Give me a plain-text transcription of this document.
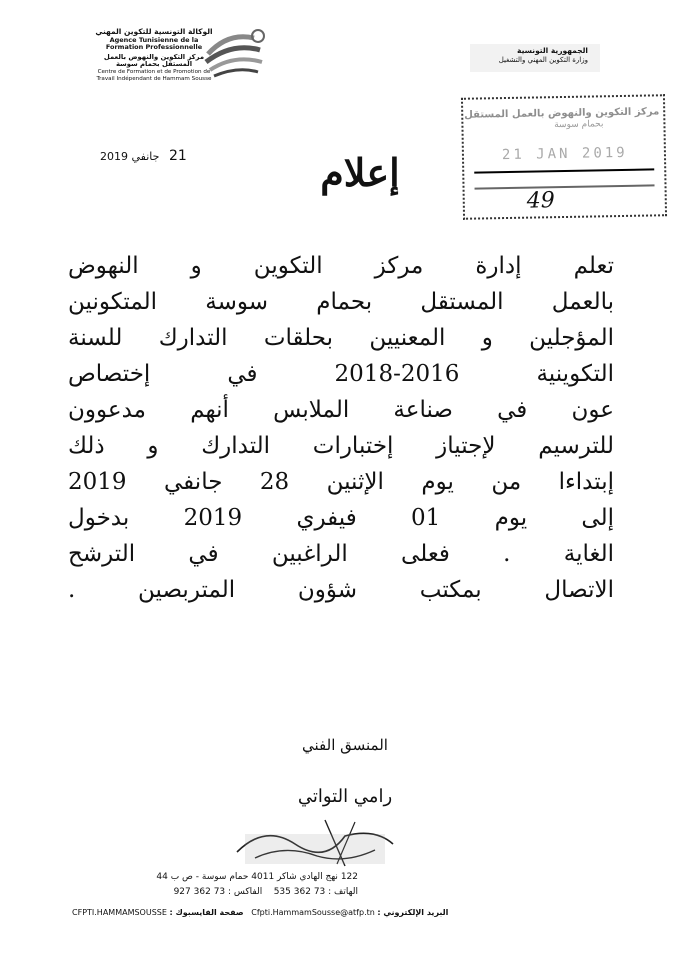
الوكالة التونسية للتكوين المهني
Agence Tunisienne de la Formation Professionnelle
مركز التكوين والنهوض بالعمل المستقل بحمام سوسة
Centre de Formation et de Promotion de Travail Indépendant de Hammam Sousse
الجمهورية التونسية
وزارة التكوين المهني والتشغيل
مركز التكوين والنهوض بالعمل المستقل
بحمام سوسة
21 JAN 2019
49
21 جانفي 2019	إعلام
تعلم إدارة مركز التكوين و النهوض
بالعمل المستقل بحمام سوسة المتكونين
المؤجلين و المعنيين بحلقات التدارك للسنة
التكوينية 2016-2018 في إختصاص
عون في صناعة الملابس أنهم مدعوون
للترسيم لإجتياز إختبارات التدارك و ذلك
إبتداءا من يوم الإثنين 28 جانفي 2019
إلى يوم 01 فيفري 2019 بدخول
الغاية . فعلى الراغبين في الترشح
الاتصال بمكتب شؤون المتربصين .
المنسق الفني
رامي التواتي
122 نهج الهادي شاكر 4011 حمام سوسة - ص ب 44
الهاتف : 73 362 535    الفاكس : 73 362 927
CFPTI.HAMMAMSOUSSE : صفحة الفايسبوك Cfpti.HammamSousse@atfp.tn : البريد الإلكتروني
